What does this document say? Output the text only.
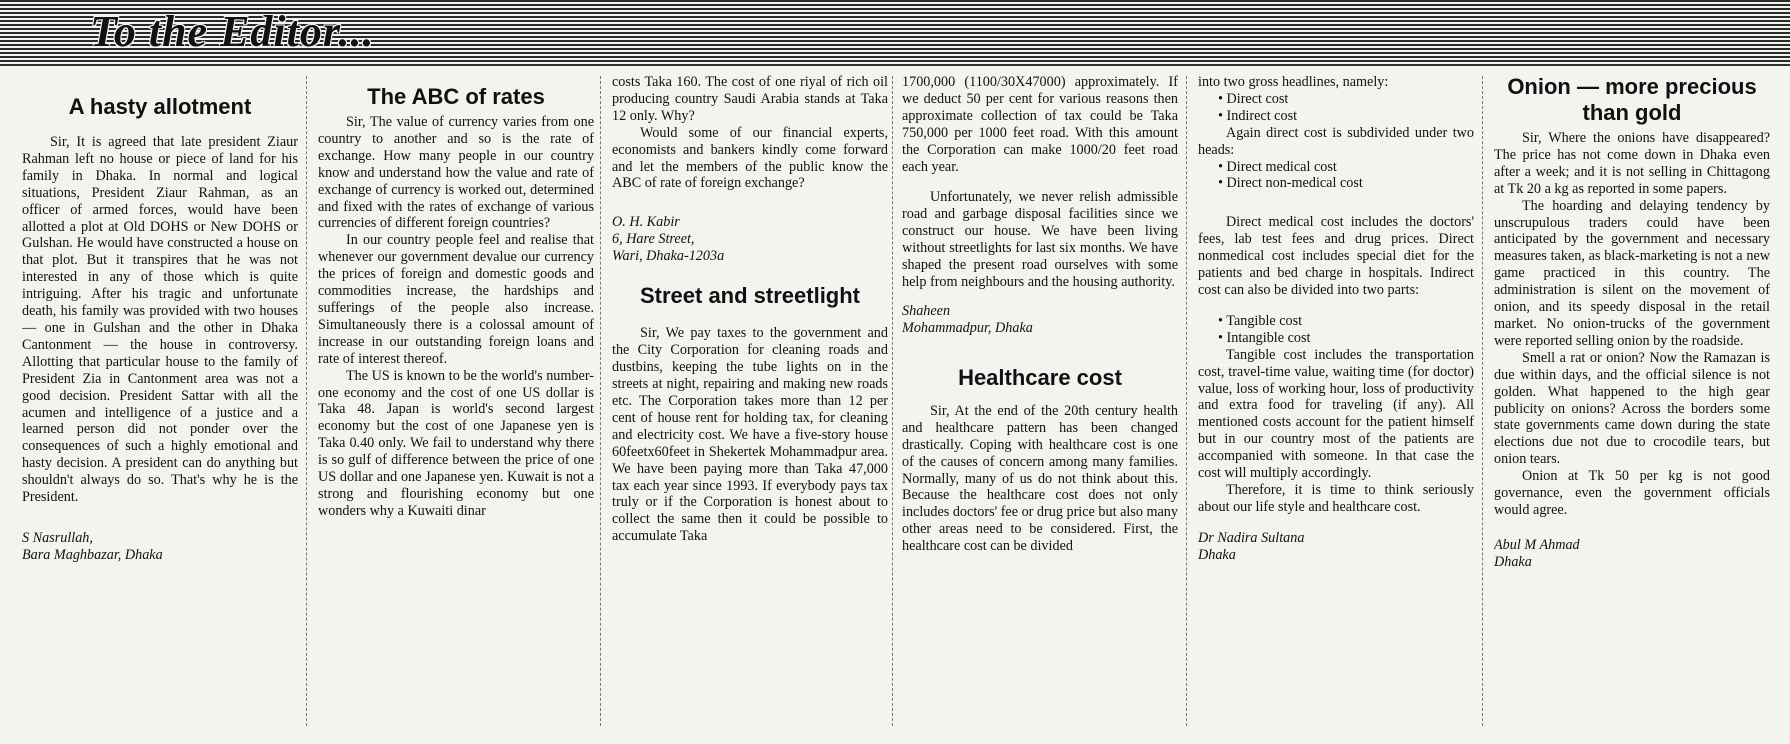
To the Editor...
A hasty allotment

Sir, It is agreed that late president Ziaur Rahman left no house or piece of land for his family in Dhaka. In normal and logical situations, President Ziaur Rahman, as an officer of armed forces, would have been allotted a plot at Old DOHS or New DOHS or Gulshan. He would have constructed a house on that plot. But it transpires that he was not interested in any of those which is quite intriguing. After his tragic and unfortunate death, his family was provided with two houses — one in Gulshan and the other in Dhaka Cantonment — the house in controversy. Allotting that particular house to the family of President Zia in Cantonment area was not a good decision. President Sattar with all the acumen and intelligence of a justice and a learned person did not ponder over the consequences of such a highly emotional and hasty decision. A president can do anything but shouldn't always do so. That's why he is the President.

S Nasrullah,
Bara Maghbazar, Dhaka
The ABC of rates

Sir, The value of currency varies from one country to another and so is the rate of exchange. How many people in our country know and understand how the value and rate of exchange of currency is worked out, determined and fixed with the rates of exchange of various currencies of different foreign countries?

In our country people feel and realise that whenever our government devalue our currency the prices of foreign and domestic goods and commodities increase, the hardships and sufferings of the people also increase. Simultaneously there is a colossal amount of increase in our outstanding foreign loans and rate of interest thereof.

The US is known to be the world's number-one economy and the cost of one US dollar is Taka 48. Japan is world's second largest economy but the cost of one Japanese yen is Taka 0.40 only. We fail to understand why there is so gulf of difference between the price of one US dollar and one Japanese yen. Kuwait is not a strong and flourishing economy but one wonders why a Kuwaiti dinar

costs Taka 160. The cost of one riyal of rich oil producing country Saudi Arabia stands at Taka 12 only. Why?

Would some of our financial experts, economists and bankers kindly come forward and let the members of the public know the ABC of rate of foreign exchange?

O. H. Kabir
6, Hare Street,
Wari, Dhaka-1203a
Street and streetlight

Sir, We pay taxes to the government and the City Corporation for cleaning roads and dustbins, keeping the tube lights on in the streets at night, repairing and making new roads etc. The Corporation takes more than 12 per cent of house rent for holding tax, for cleaning and electricity cost. We have a five-story house 60feetx60feet in Shekertek Mohammadpur area. We have been paying more than Taka 47,000 tax each year since 1993. If everybody pays tax truly or if the Corporation is honest about to collect the same then it could be possible to accumulate Taka

1700,000 (1100/30X47000) approximately. If we deduct 50 per cent for various reasons then approximate collection of tax could be Taka 750,000 per 1000 feet road. With this amount the Corporation can make 1000/20 feet road each year.

Unfortunately, we never relish admissible road and garbage disposal facilities since we construct our house. We have been living without streetlights for last six months. We have shaped the present road ourselves with some help from neighbours and the housing authority.

Shaheen
Mohammadpur, Dhaka
Healthcare cost

Sir, At the end of the 20th century health and healthcare pattern has been changed drastically. Coping with healthcare cost is one of the causes of concern among many families. Normally, many of us do not think about this. Because the healthcare cost does not only includes doctors' fee or drug price but also many other areas need to be considered. First, the healthcare cost can be divided

into two gross headlines, namely:

• Direct cost
• Indirect cost

Again direct cost is subdivided under two heads:

• Direct medical cost
• Direct non-medical cost

Direct medical cost includes the doctors' fees, lab test fees and drug prices. Direct nonmedical cost includes special diet for the patients and bed charge in hospitals. Indirect cost can also be divided into two parts:

• Tangible cost
• Intangible cost

Tangible cost includes the transportation cost, travel-time value, waiting time (for doctor) value, loss of working hour, loss of productivity and extra food for traveling (if any). All mentioned costs account for the patient himself but in our country most of the patients are accompanied with someone. In that case the cost will multiply accordingly.

Therefore, it is time to think seriously about our life style and healthcare cost.

Dr Nadira Sultana
Dhaka
Onion — more precious than gold

Sir, Where the onions have disappeared? The price has not come down in Dhaka even after a week; and it is not selling in Chittagong at Tk 20 a kg as reported in some papers.

The hoarding and delaying tendency by unscrupulous traders could have been anticipated by the government and necessary measures taken, as black-marketing is not a new game practiced in this country. The administration is silent on the movement of onion, and its speedy disposal in the retail market. No onion-trucks of the government were reported selling onion by the roadside.

Smell a rat or onion? Now the Ramazan is due within days, and the official silence is not golden. What happened to the high gear publicity on onions? Across the borders some state governments came down during the state elections due not due to crocodile tears, but onion tears.

Onion at Tk 50 per kg is not good governance, even the government officials would agree.

Abul M Ahmad
Dhaka
